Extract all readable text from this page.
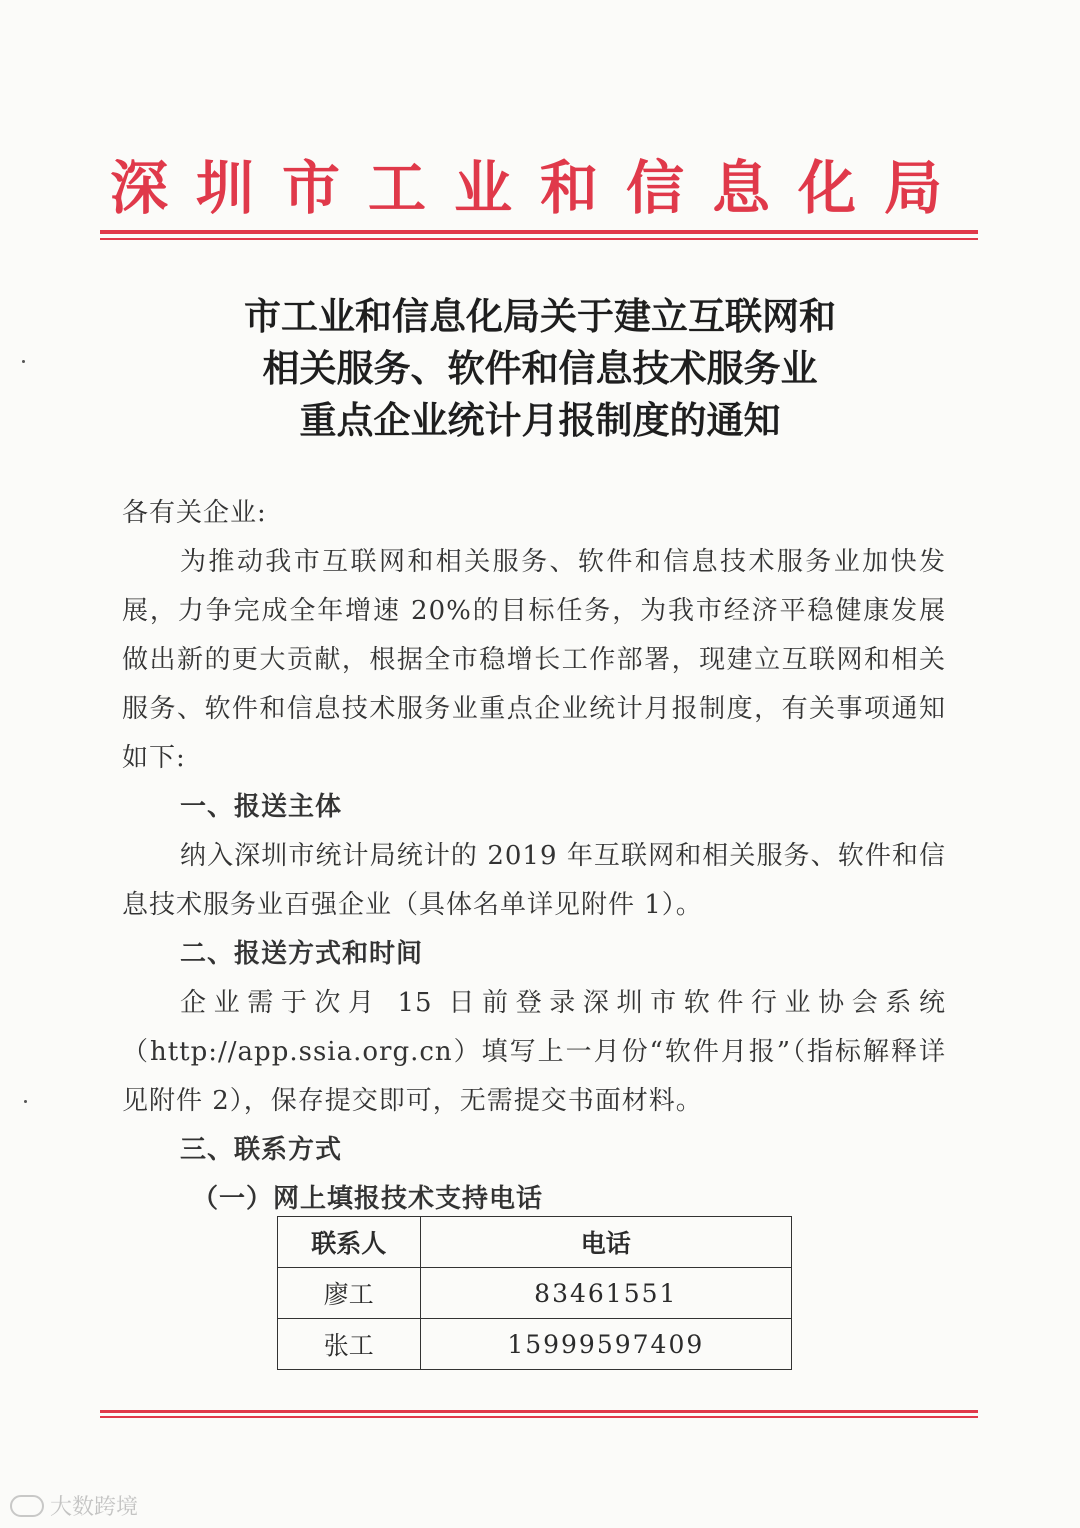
深圳市工业和信息化局
市工业和信息化局关于建立互联网和
相关服务、软件和信息技术服务业
重点企业统计月报制度的通知

各有关企业:

为推动我市互联网和相关服务、软件和信息技术服务业加快发展，力争完成全年增速 20%的目标任务，为我市经济平稳健康发展做出新的更大贡献，根据全市稳增长工作部署，现建立互联网和相关服务、软件和信息技术服务业重点企业统计月报制度，有关事项通知如下:

一、报送主体

纳入深圳市统计局统计的 2019 年互联网和相关服务、软件和信息技术服务业百强企业（具体名单详见附件 1）。

二、报送方式和时间

企业需于次月 15 日前登录深圳市软件行业协会系统（http://app.ssia.org.cn）填写上一月份“软件月报”（指标解释详见附件 2），保存提交即可，无需提交书面材料。

三、联系方式

（一）网上填报技术支持电话

联系人	电话
廖工	83461551
张工	15999597409
大数跨境
